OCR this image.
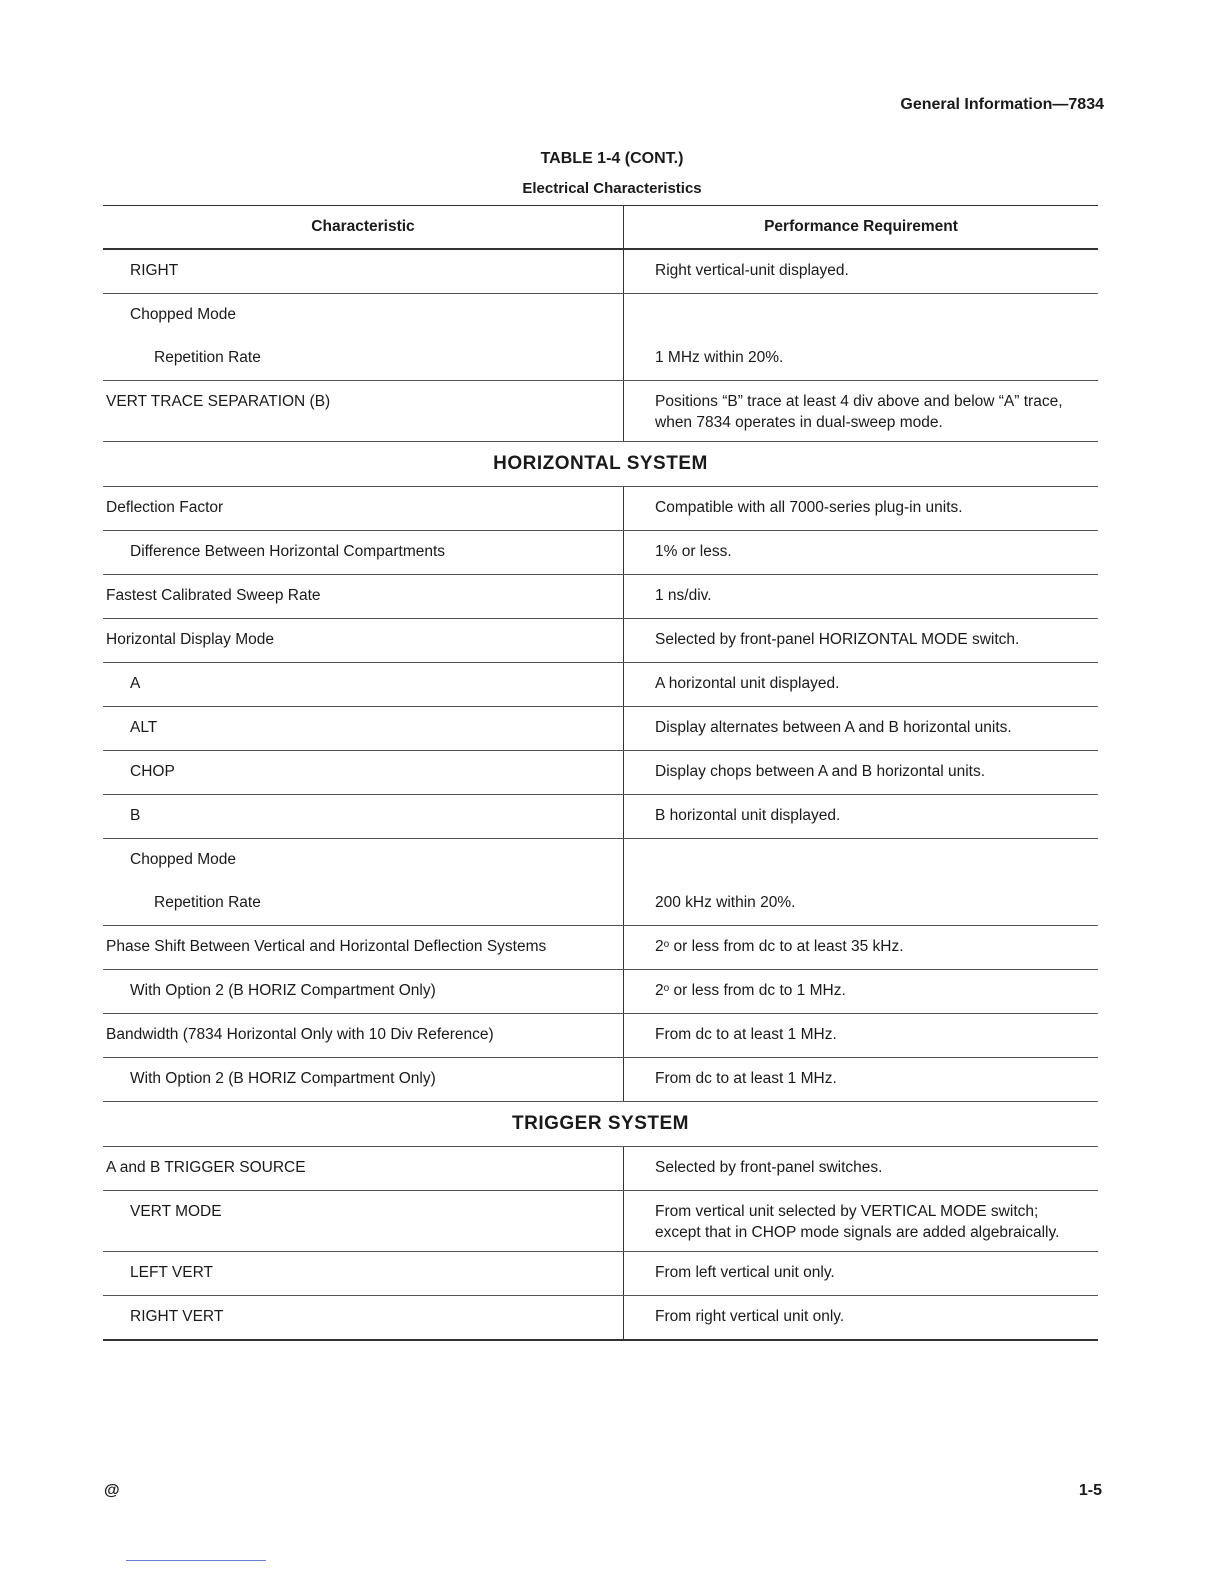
General Information—7834
TABLE 1-4 (CONT.)
Electrical Characteristics
Characteristic	Performance Requirement
RIGHT	Right vertical-unit displayed.
Chopped Mode
Repetition Rate	1 MHz within 20%.
VERT TRACE SEPARATION (B)	Positions “B” trace at least 4 div above and below “A” trace, when 7834 operates in dual-sweep mode.
HORIZONTAL SYSTEM
Deflection Factor	Compatible with all 7000-series plug-in units.
Difference Between Horizontal Compartments	1% or less.
Fastest Calibrated Sweep Rate	1 ns/div.
Horizontal Display Mode	Selected by front-panel HORIZONTAL MODE switch.
A	A horizontal unit displayed.
ALT	Display alternates between A and B horizontal units.
CHOP	Display chops between A and B horizontal units.
B	B horizontal unit displayed.
Chopped Mode
Repetition Rate	200 kHz within 20%.
Phase Shift Between Vertical and Horizontal Deflection Systems	2$^o$ or less from dc to at least 35 kHz.
With Option 2 (B HORIZ Compartment Only)	2$^o$ or less from dc to 1 MHz.
Bandwidth (7834 Horizontal Only with 10 Div Reference)	From dc to at least 1 MHz.
With Option 2 (B HORIZ Compartment Only)	From dc to at least 1 MHz.
TRIGGER SYSTEM
A and B TRIGGER SOURCE	Selected by front-panel switches.
VERT MODE	From vertical unit selected by VERTICAL MODE switch; except that in CHOP mode signals are added algebraically.
LEFT VERT	From left vertical unit only.
RIGHT VERT	From right vertical unit only.
@	1-5
